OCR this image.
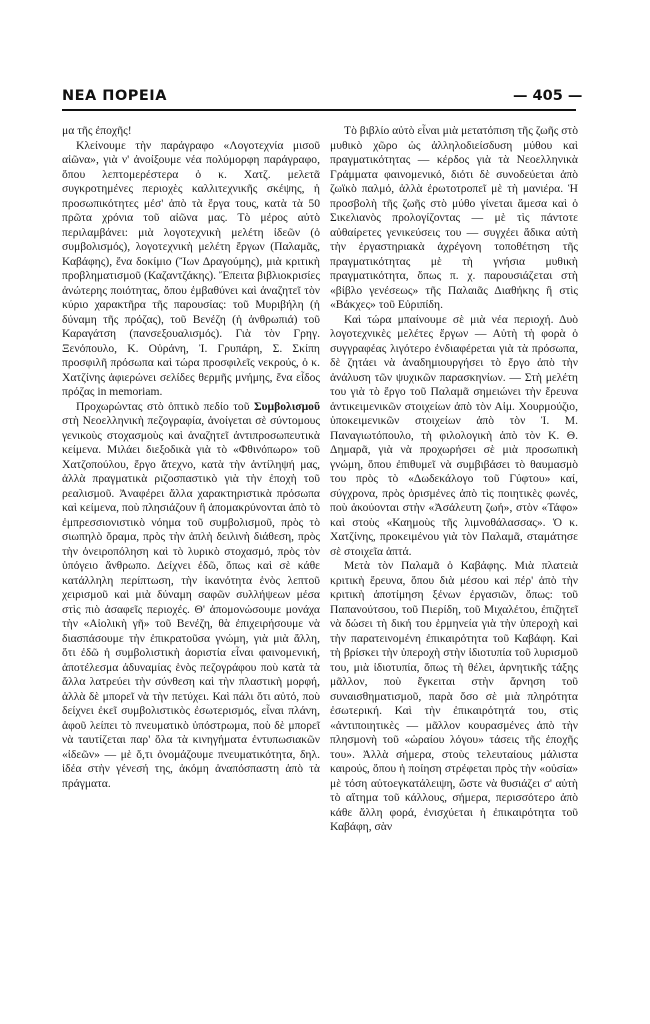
ΝΕΑ ΠΟΡΕΙΑ	— 405 —

μα τῆς ἐποχῆς!

Κλείνουμε τὴν παράγραφο «Λογοτεχνία μισοῦ αἰῶνα», γιὰ ν' ἀνοίξουμε νέα πολύμορφη παράγραφο, ὅπου λεπτομερέστερα ὁ κ. Χατζ. μελετᾶ συγκροτημένες περιοχὲς καλλιτεχνικῆς σκέψης, ἡ προσωπικότητες μέσ' ἀπὸ τὰ ἔργα τους, κατὰ τὰ 50 πρῶτα χρόνια τοῦ αἰῶνα μας. Τὸ μέρος αὐτὸ περιλαμβάνει: μιὰ λογοτεχνικὴ μελέτη ἰδεῶν (ὁ συμβολισμός), λογοτεχνικὴ μελέτη ἔργων (Παλαμᾶς, Καβάφης), ἕνα δοκίμιο (Ἴων Δραγούμης), μιὰ κριτικὴ προβληματισμοῦ (Καζαντζάκης). Ἔπειτα βιβλιοκρισίες ἀνώτερης ποιότητας, ὅπου ἐμβαθύνει καὶ ἀναζητεῖ τὸν κύριο χαρακτῆρα τῆς παρουσίας: τοῦ Μυριβήλη (ἡ δύναμη τῆς πρόζας), τοῦ Βενέζη (ἡ ἀνθρωπιά) τοῦ Καραγάτση (πανσεξουαλισμός). Γιὰ τὸν Γρηγ. Ξενόπουλο, Κ. Οὐράνη, Ἰ. Γρυπάρη, Σ. Σκίπη προσφιλῆ πρόσωπα καὶ τώρα προσφιλεῖς νεκρούς, ὁ κ. Χατζίνης ἀφιερώνει σελίδες θερμῆς μνήμης, ἕνα εἶδος πρόζας in memoriam.

Προχωρώντας στὸ ὀπτικὸ πεδίο τοῦ Συμβολισμοῦ στὴ Νεοελληνικὴ πεζογραφία, ἀνοίγεται σὲ σύντομους γενικοὺς στοχασμοὺς καὶ ἀναζητεῖ ἀντιπροσωπευτικὰ κείμενα. Μιλάει διεξοδικὰ γιὰ τὸ «Φθινόπωρο» τοῦ Χατζοπούλου, ἔργο ἄτεχνο, κατὰ τὴν ἀντίληψή μας, ἀλλὰ πραγματικὰ ριζοσπαστικὸ γιὰ τὴν ἐποχὴ τοῦ ρεαλισμοῦ. Ἀναφέρει ἄλλα χαρακτηριστικὰ πρόσωπα καὶ κείμενα, ποὺ πλησιάζουν ἢ ἀπομακρύνονται ἀπὸ τὸ ἐμπρεσσιονιστικὸ νόημα τοῦ συμβολισμοῦ, πρὸς τὸ σιωπηλὸ ὅραμα, πρὸς τὴν ἁπλὴ δειλινὴ διάθεση, πρὸς τὴν ὀνειροπόληση καὶ τὸ λυρικὸ στοχασμό, πρὸς τὸν ὑπόγειο ἄνθρωπο. Δείχνει ἐδῶ, ὅπως καὶ σὲ κάθε κατάλληλη περίπτωση, τὴν ἱκανότητα ἑνὸς λεπτοῦ χειρισμοῦ καὶ μιὰ δύναμη σαφῶν συλλήψεων μέσα στὶς πιὸ ἀσαφεῖς περιοχές. Θ' ἀπομονώσουμε μονάχα τὴν «Αἰολικὴ γῆ» τοῦ Βενέζη, θὰ ἐπιχειρήσουμε νὰ διασπάσουμε τὴν ἐπικρατοῦσα γνώμη, γιὰ μιὰ ἄλλη, ὅτι ἐδῶ ἡ συμβολιστικὴ ἀοριστία εἶναι φαινομενική, ἀποτέλεσμα ἀδυναμίας ἑνὸς πεζογράφου ποὺ κατὰ τὰ ἄλλα λατρεύει τὴν σύνθεση καὶ τὴν πλαστικὴ μορφή, ἀλλὰ δὲ μπορεῖ νὰ τὴν πετύχει. Καὶ πάλι ὅτι αὐτό, ποὺ δείχνει ἐκεῖ συμβολιστικὸς ἐσωτερισμός, εἶναι πλάνη, ἀφοῦ λείπει τὸ πνευματικὸ ὑπόστρωμα, ποὺ δὲ μπορεῖ νὰ ταυτίζεται παρ' ὅλα τὰ κινηγήματα ἐντυπωσιακῶν «ἰδεῶν» — μὲ ὅ,τι ὀνομάζουμε πνευματικότητα, δηλ. ἰδέα στὴν γένεσή της, ἀκόμη ἀναπόσπαστη ἀπὸ τὰ πράγματα.

Τὸ βιβλίο αὐτὸ εἶναι μιὰ μετατόπιση τῆς ζωῆς στὸ μυθικὸ χῶρο ὡς ἀλληλοδιείσδυση μύθου καὶ πραγματικότητας — κέρδος γιὰ τὰ Νεοελληνικὰ Γράμματα φαινομενικό, διότι δὲ συνοδεύεται ἀπὸ ζωϊκὸ παλμό, ἀλλὰ ἐρωτοτροπεῖ μὲ τὴ μανιέρα. Ἡ προσβολὴ τῆς ζωῆς στὸ μύθο γίνεται ἄμεσα καὶ ὁ Σικελιανὸς προλογίζοντας — μὲ τὶς πάντοτε αὐθαίρετες γενικεύσεις του — συγχέει ἄδικα αὐτὴ τὴν ἐργαστηριακὰ ἀχρέγονη τοποθέτηση τῆς πραγματικότητας μὲ τὴ γνήσια μυθικὴ πραγματικότητα, ὅπως π. χ. παρουσιάζεται στὴ «βίβλο γενέσεως» τῆς Παλαιᾶς Διαθήκης ἢ στὶς «Βάκχες» τοῦ Εὐριπίδη.

Καὶ τώρα μπαίνουμε σὲ μιὰ νέα περιοχή. Δυὸ λογοτεχνικὲς μελέτες ἔργων — Αὐτὴ τὴ φορὰ ὁ συγγραφέας λιγότερο ἐνδιαφέρεται γιὰ τὰ πρόσωπα, δὲ ζητάει νὰ ἀναδημιουργήσει τὸ ἔργο ἀπὸ τὴν ἀνάλυση τῶν ψυχικῶν παρασκηνίων. — Στὴ μελέτη του γιὰ τὸ ἔργο τοῦ Παλαμᾶ σημειώνει τὴν ἔρευνα ἀντικειμενικῶν στοιχείων ἀπὸ τὸν Αἰμ. Χουρμούζιο, ὑποκειμενικῶν στοιχείων ἀπὸ τὸν Ἰ. Μ. Παναγιωτόπουλο, τὴ φιλολογικὴ ἀπὸ τὸν Κ. Θ. Δημαρᾶ, γιὰ νὰ προχωρήσει σὲ μιὰ προσωπικὴ γνώμη, ὅπου ἐπιθυμεῖ νὰ συμβιβάσει τὸ θαυμασμὸ του πρὸς τὸ «Δωδεκάλογο τοῦ Γύφτου» καί, σύγχρονα, πρὸς ὁρισμένες ἀπὸ τὶς ποιητικὲς φωνές, ποὺ ἀκούονται στὴν «Ἀσάλευτη ζωή», στὸν «Τάφο» καὶ στοὺς «Καημοὺς τῆς λιμνοθάλασσας». Ὁ κ. Χατζίνης, προκειμένου γιὰ τὸν Παλαμᾶ, σταμάτησε σὲ στοιχεῖα ἁπτά.

Μετὰ τὸν Παλαμᾶ ὁ Καβάφης. Μιὰ πλατειὰ κριτικὴ ἔρευνα, ὅπου διὰ μέσου καὶ πέρ' ἀπὸ τὴν κριτικὴ ἀποτίμηση ξένων ἐργασιῶν, ὅπως: τοῦ Παπανούτσου, τοῦ Πιερίδη, τοῦ Μιχαλέτου, ἐπιζητεῖ νὰ δώσει τὴ δική του ἑρμηνεία γιὰ τὴν ὑπεροχὴ καὶ τὴν παρατεινομένη ἐπικαιρότητα τοῦ Καβάφη. Καὶ τὴ βρίσκει τὴν ὑπεροχὴ στὴν ἰδιοτυπία τοῦ λυρισμοῦ του, μιὰ ἰδιοτυπία, ὅπως τὴ θέλει, ἀρνητικῆς τάξης μᾶλλον, ποὺ ἔγκειται στὴν ἄρνηση τοῦ συναισθηματισμοῦ, παρὰ ὅσο σὲ μιὰ πληρότητα ἐσωτερική. Καὶ τὴν ἐπικαιρότητά του, στὶς «ἀντιποιητικὲς — μᾶλλον κουρασμένες ἀπὸ τὴν πλησμονὴ τοῦ «ὡραίου λόγου» τάσεις τῆς ἐποχῆς του». Ἀλλὰ σήμερα, στοὺς τελευταίους μάλιστα καιρούς, ὅπου ἡ ποίηση στρέφεται πρὸς τὴν «οὐσία» μὲ τόση αὐτοεγκατάλειψη, ὥστε νὰ θυσιάζει σ' αὐτὴ τὸ αἴτημα τοῦ κάλλους, σήμερα, περισσότερο ἀπὸ κάθε ἄλλη φορά, ἐνισχύεται ἡ ἐπικαιρότητα τοῦ Καβάφη, σὰν
